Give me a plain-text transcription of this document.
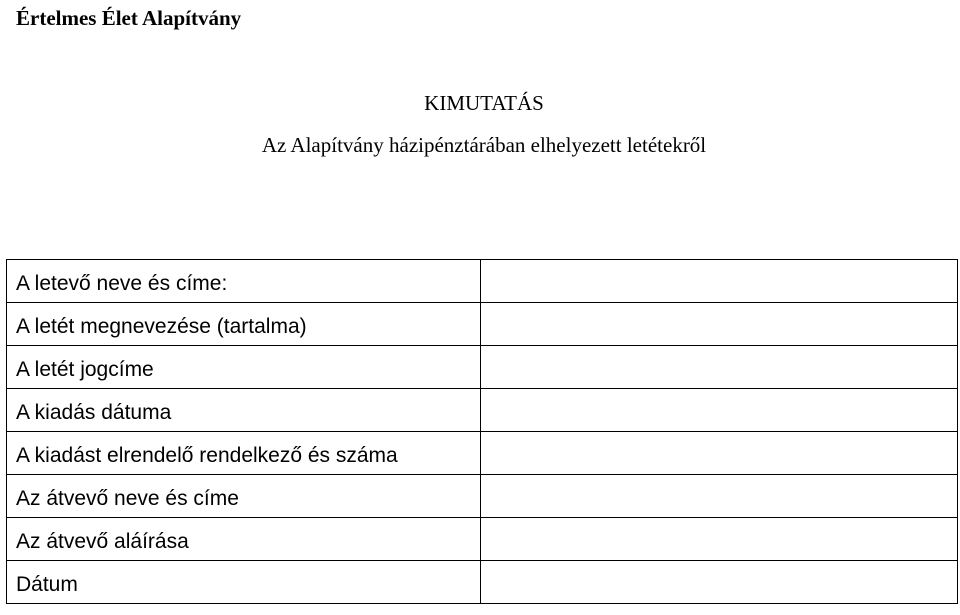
Értelmes Élet Alapítvány
KIMUTATÁS
Az Alapítvány házipénztárában elhelyezett letétekről
A letevő neve és címe:	
A letét megnevezése (tartalma)	
A letét jogcíme	
A kiadás dátuma	
A kiadást elrendelő rendelkező és száma	
Az átvevő neve és címe	
Az átvevő aláírása	
Dátum	
